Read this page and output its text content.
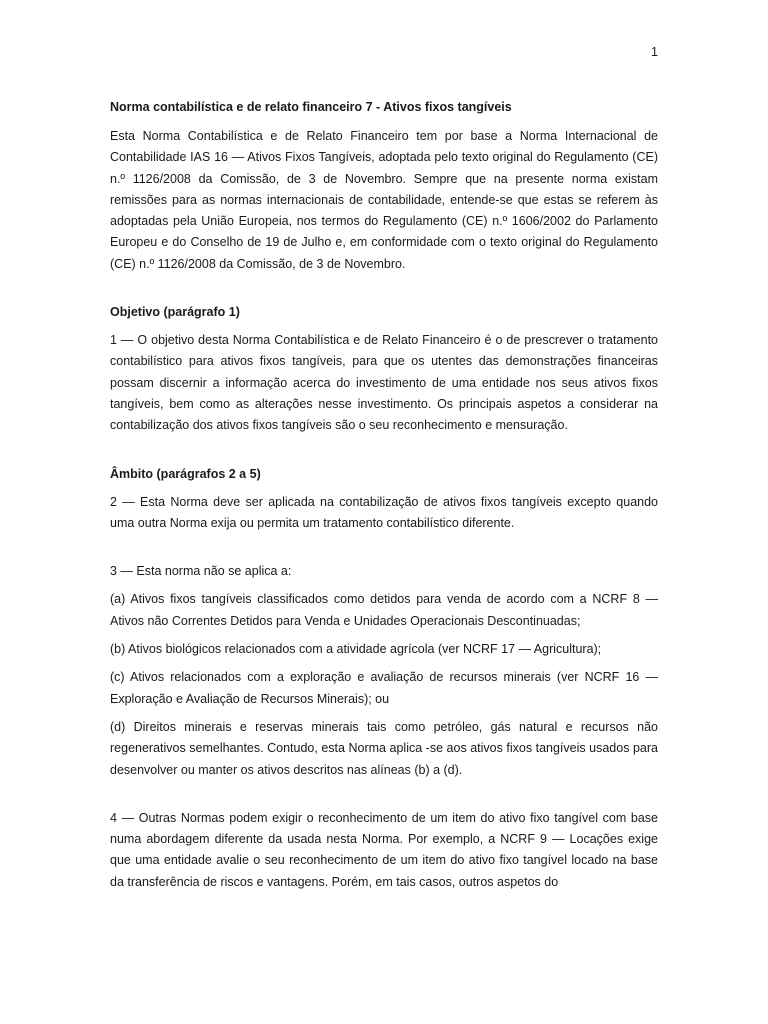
1
Norma contabilística e de relato financeiro 7 - Ativos fixos tangíveis

Esta Norma Contabilística e de Relato Financeiro tem por base a Norma Internacional de Contabilidade IAS 16 — Ativos Fixos Tangíveis, adoptada pelo texto original do Regulamento (CE) n.º 1126/2008 da Comissão, de 3 de Novembro. Sempre que na presente norma existam remissões para as normas internacionais de contabilidade, entende-se que estas se referem às adoptadas pela União Europeia, nos termos do Regulamento (CE) n.º 1606/2002 do Parlamento Europeu e do Conselho de 19 de Julho e, em conformidade com o texto original do Regulamento (CE) n.º 1126/2008 da Comissão, de 3 de Novembro.

Objetivo (parágrafo 1)

1 — O objetivo desta Norma Contabilística e de Relato Financeiro é o de prescrever o tratamento contabilístico para ativos fixos tangíveis, para que os utentes das demonstrações financeiras possam discernir a informação acerca do investimento de uma entidade nos seus ativos fixos tangíveis, bem como as alterações nesse investimento. Os principais aspetos a considerar na contabilização dos ativos fixos tangíveis são o seu reconhecimento e mensuração.

Âmbito (parágrafos 2 a 5)

2 — Esta Norma deve ser aplicada na contabilização de ativos fixos tangíveis excepto quando uma outra Norma exija ou permita um tratamento contabilístico diferente.

3 — Esta norma não se aplica a:

(a) Ativos fixos tangíveis classificados como detidos para venda de acordo com a NCRF 8 — Ativos não Correntes Detidos para Venda e Unidades Operacionais Descontinuadas;

(b) Ativos biológicos relacionados com a atividade agrícola (ver NCRF 17 — Agricultura);

(c) Ativos relacionados com a exploração e avaliação de recursos minerais (ver NCRF 16 — Exploração e Avaliação de Recursos Minerais); ou

(d) Direitos minerais e reservas minerais tais como petróleo, gás natural e recursos não regenerativos semelhantes. Contudo, esta Norma aplica -se aos ativos fixos tangíveis usados para desenvolver ou manter os ativos descritos nas alíneas (b) a (d).

4 — Outras Normas podem exigir o reconhecimento de um item do ativo fixo tangível com base numa abordagem diferente da usada nesta Norma. Por exemplo, a NCRF 9 — Locações exige que uma entidade avalie o seu reconhecimento de um item do ativo fixo tangível locado na base da transferência de riscos e vantagens. Porém, em tais casos, outros aspetos do
